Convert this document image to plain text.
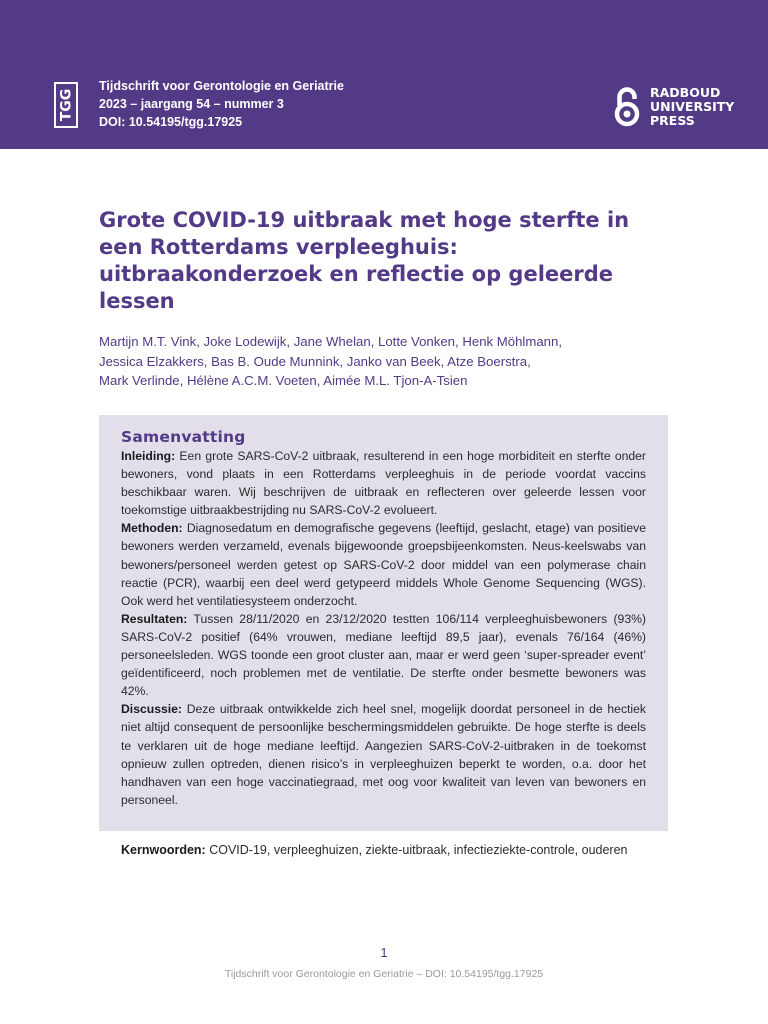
TGG
Tijdschrift voor Gerontologie en Geriatrie
2023 – jaargang 54 – nummer 3
DOI: 10.54195/tgg.17925
RADBOUD
UNIVERSITY
PRESS
Grote COVID-19 uitbraak met hoge sterfte in een Rotterdams verpleeghuis: uitbraakonderzoek en reflectie op geleerde lessen
Martijn M.T. Vink, Joke Lodewijk, Jane Whelan, Lotte Vonken, Henk Möhlmann,
Jessica Elzakkers, Bas B. Oude Munnink, Janko van Beek, Atze Boerstra,
Mark Verlinde, Hélène A.C.M. Voeten, Aimée M.L. Tjon-A-Tsien
Samenvatting

Inleiding: Een grote SARS-CoV-2 uitbraak, resulterend in een hoge morbiditeit en sterfte onder bewoners, vond plaats in een Rotterdams verpleeghuis in de periode voordat vaccins beschikbaar waren. Wij beschrijven de uitbraak en reflecteren over geleerde lessen voor toekomstige uitbraakbestrijding nu SARS-CoV-2 evolueert.

Methoden: Diagnosedatum en demografische gegevens (leeftijd, geslacht, etage) van positieve bewoners werden verzameld, evenals bijgewoonde groepsbijeenkomsten. Neus-keelswabs van bewoners/personeel werden getest op SARS-CoV-2 door middel van een polymerase chain reactie (PCR), waarbij een deel werd getypeerd middels Whole Genome Sequencing (WGS). Ook werd het ventilatiesysteem onderzocht.

Resultaten: Tussen 28/11/2020 en 23/12/2020 testten 106/114 verpleeghuisbewoners (93%) SARS-CoV-2 positief (64% vrouwen, mediane leeftijd 89,5 jaar), evenals 76/164 (46%) personeelsleden. WGS toonde een groot cluster aan, maar er werd geen ‘super-spreader event’ geïdentificeerd, noch problemen met de ventilatie. De sterfte onder besmette bewoners was 42%.

Discussie: Deze uitbraak ontwikkelde zich heel snel, mogelijk doordat personeel in de hectiek niet altijd consequent de persoonlijke beschermingsmiddelen gebruikte. De hoge sterfte is deels te verklaren uit de hoge mediane leeftijd. Aangezien SARS-CoV-2-uitbraken in de toekomst opnieuw zullen optreden, dienen risico’s in verpleeghuizen beperkt te worden, o.a. door het handhaven van een hoge vaccinatiegraad, met oog voor kwaliteit van leven van bewoners en personeel.

Kernwoorden: COVID-19, verpleeghuizen, ziekte-uitbraak, infectieziekte-controle, ouderen
1
Tijdschrift voor Gerontologie en Geriatrie – DOI: 10.54195/tgg.17925
